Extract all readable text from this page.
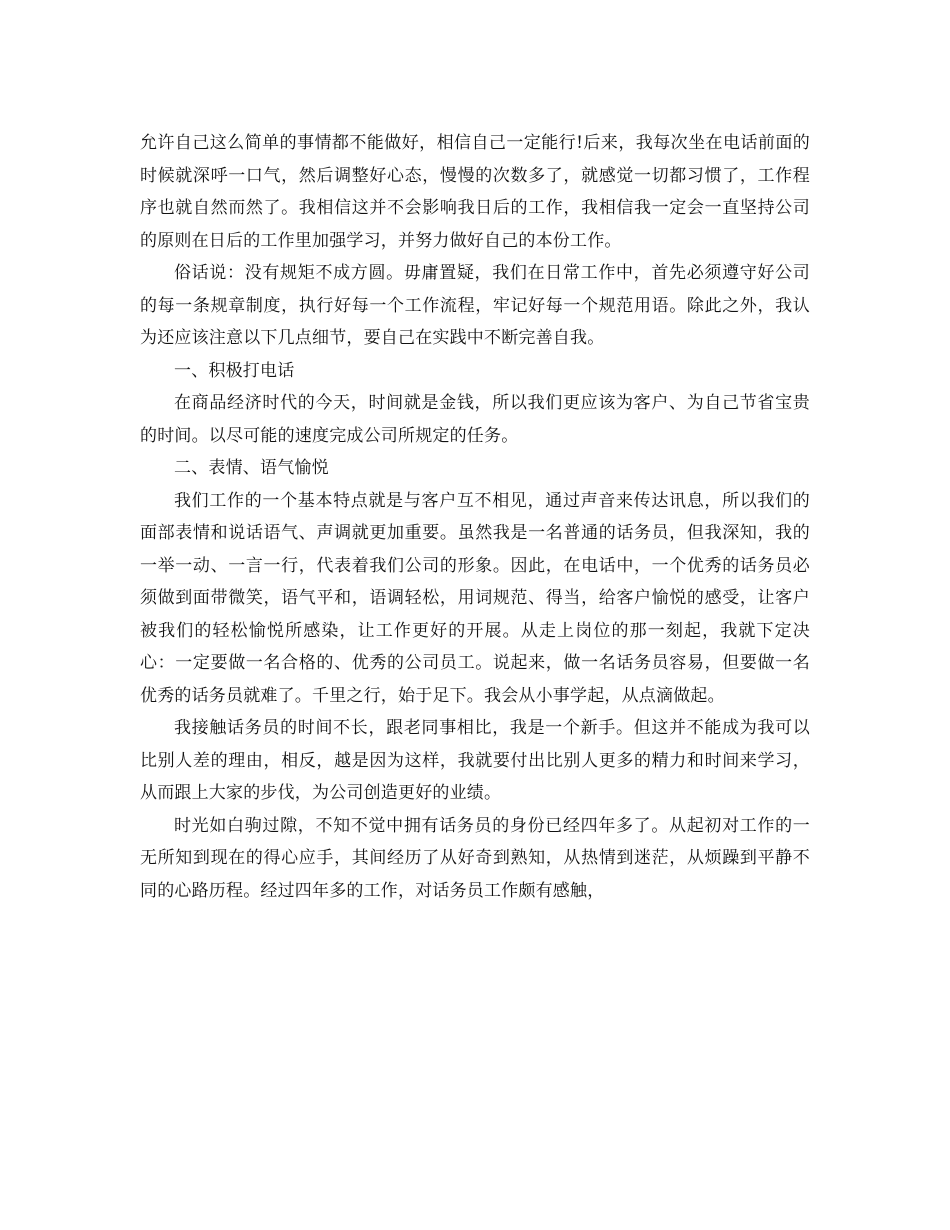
允许自己这么简单的事情都不能做好，相信自己一定能行!后来，我每次坐在电话前面的时候就深呼一口气，然后调整好心态，慢慢的次数多了，就感觉一切都习惯了，工作程序也就自然而然了。我相信这并不会影响我日后的工作，我相信我一定会一直坚持公司的原则在日后的工作里加强学习，并努力做好自己的本份工作。

俗话说：没有规矩不成方圆。毋庸置疑，我们在日常工作中，首先必须遵守好公司的每一条规章制度，执行好每一个工作流程，牢记好每一个规范用语。除此之外，我认为还应该注意以下几点细节，要自己在实践中不断完善自我。

一、积极打电话

在商品经济时代的今天，时间就是金钱，所以我们更应该为客户、为自己节省宝贵的时间。以尽可能的速度完成公司所规定的任务。

二、表情、语气愉悦

我们工作的一个基本特点就是与客户互不相见，通过声音来传达讯息，所以我们的面部表情和说话语气、声调就更加重要。虽然我是一名普通的话务员，但我深知，我的一举一动、一言一行，代表着我们公司的形象。因此，在电话中，一个优秀的话务员必须做到面带微笑，语气平和，语调轻松，用词规范、得当，给客户愉悦的感受，让客户被我们的轻松愉悦所感染，让工作更好的开展。从走上岗位的那一刻起，我就下定决心：一定要做一名合格的、优秀的公司员工。说起来，做一名话务员容易，但要做一名优秀的话务员就难了。千里之行，始于足下。我会从小事学起，从点滴做起。

我接触话务员的时间不长，跟老同事相比，我是一个新手。但这并不能成为我可以比别人差的理由，相反，越是因为这样，我就要付出比别人更多的精力和时间来学习，从而跟上大家的步伐，为公司创造更好的业绩。

时光如白驹过隙，不知不觉中拥有话务员的身份已经四年多了。从起初对工作的一无所知到现在的得心应手，其间经历了从好奇到熟知，从热情到迷茫，从烦躁到平静不同的心路历程。经过四年多的工作，对话务员工作颇有感触，
